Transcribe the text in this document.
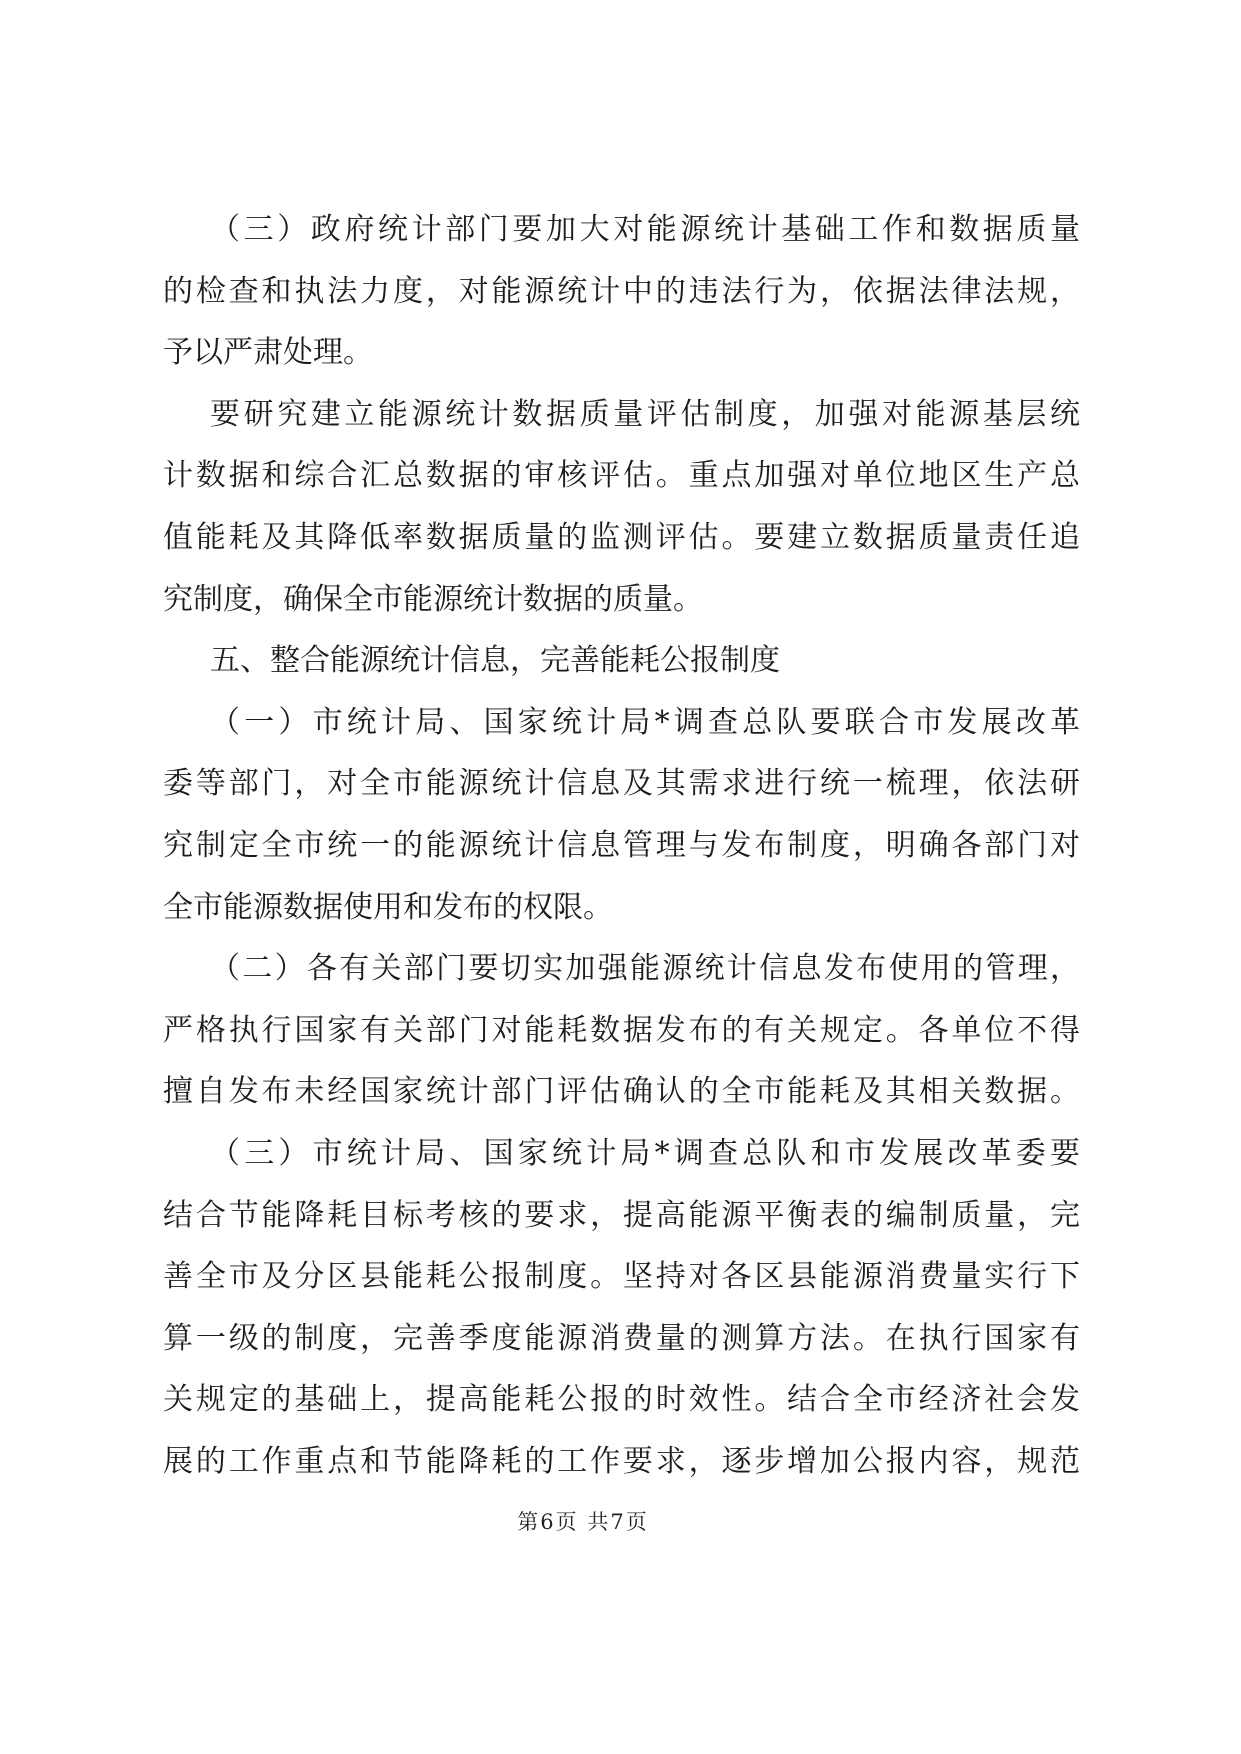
（三）政府统计部门要加大对能源统计基础工作和数据质量
的检查和执法力度，对能源统计中的违法行为，依据法律法规，
予以严肃处理。
要研究建立能源统计数据质量评估制度，加强对能源基层统
计数据和综合汇总数据的审核评估。重点加强对单位地区生产总
值能耗及其降低率数据质量的监测评估。要建立数据质量责任追
究制度，确保全市能源统计数据的质量。
五、整合能源统计信息，完善能耗公报制度
（一）市统计局、国家统计局*调查总队要联合市发展改革
委等部门，对全市能源统计信息及其需求进行统一梳理，依法研
究制定全市统一的能源统计信息管理与发布制度，明确各部门对
全市能源数据使用和发布的权限。
（二）各有关部门要切实加强能源统计信息发布使用的管理，
严格执行国家有关部门对能耗数据发布的有关规定。各单位不得
擅自发布未经国家统计部门评估确认的全市能耗及其相关数据。
（三）市统计局、国家统计局*调查总队和市发展改革委要
结合节能降耗目标考核的要求，提高能源平衡表的编制质量，完
善全市及分区县能耗公报制度。坚持对各区县能源消费量实行下
算一级的制度，完善季度能源消费量的测算方法。在执行国家有
关规定的基础上，提高能耗公报的时效性。结合全市经济社会发
展的工作重点和节能降耗的工作要求，逐步增加公报内容，规范
第6页 共7页
